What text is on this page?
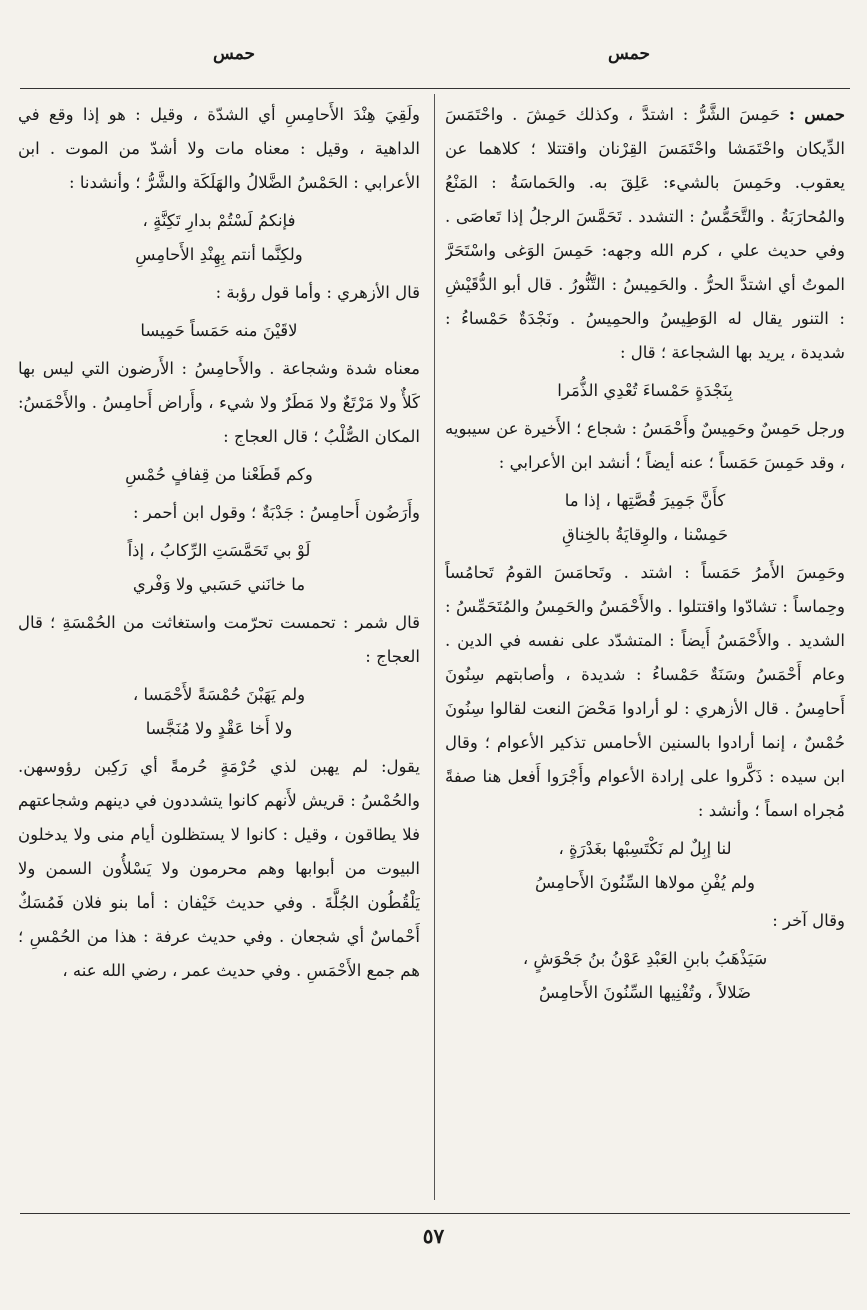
حمس
حمس

حمس : حَمِسَ الشَّرُّ : اشتدَّ ، وكذلك حَمِشَ . واحْتَمَسَ الدِّيكان واحْتَمَشا واحْتَمَسَ القِرْنان واقتتلا ؛ كلاهما عن يعقوب. وحَمِسَ بالشيء: عَلِقَ به. والحَماسَةُ : المَنْعُ والمُحارَبَةُ . والتَّحَمُّسُ : التشدد . تَحَمَّسَ الرجلُ إذا تَعاصَى . وفي حديث علي ، كرم الله وجهه: حَمِسَ الوَغى واسْتَحَرَّ الموتُ أي اشتدَّ الحرُّ . والحَمِيسُ : التَّنُّورُ . قال أبو الدُّقَيْشِ : التنور يقال له الوَطِيسُ والحمِيسُ . ونَجْدَةٌ حَمْساءُ : شديدة ، يريد بها الشجاعة ؛ قال :

بِنَجْدَةٍ حَمْساءَ تُعْدِي الذُّمَرا

ورجل حَمِسٌ وحَمِيسٌ وأَحْمَسُ : شجاع ؛ الأَخيرة عن سيبويه ، وقد حَمِسَ حَمَساً ؛ عنه أيضاً ؛ أنشد ابن الأعرابي :

كأَنَّ جَمِيرَ قُصَّتِها ، إذا ما
حَمِسْنا ، والوِقايَةُ بالخِناقِ

وحَمِسَ الأَمرُ حَمَساً : اشتد . وتَحامَسَ القومُ تَحامُساً وحِماساً : تشادّوا واقتتلوا . والأَحْمَسُ والحَمِسُ والمُتَحَمِّسُ : الشديد . والأَحْمَسُ أَيضاً : المتشدّد على نفسه في الدين . وعام أَحْمَسُ وسَنَةٌ حَمْساءُ : شديدة ، وأصابتهم سِنُونَ أَحامِسُ . قال الأزهري : لو أرادوا مَحْضَ النعت لقالوا سِنُونَ حُمْسٌ ، إنما أرادوا بالسنين الأحامس تذكير الأعوام ؛ وقال ابن سيده : ذَكَّروا على إرادة الأعوام وأَجْرَوا أَفعل هنا صفةً مُجراه اسماً ؛ وأنشد :

لنا إبِلٌ لم نَكْتَسِبْها بغَدْرَةٍ ،
ولم يُفْنِ مولاها السِّنُونَ الأَحامِسُ

وقال آخر :

سَيَذْهَبُ بابنِ العَبْدِ عَوْنُ بنُ جَحْوَشٍ ،
ضَلالاً ، وتُفْنِيها السِّنُونَ الأَحامِسُ

ولَقِيَ هِنْدَ الأَحامِسِ أي الشدّة ، وقيل : هو إذا وقع في الداهية ، وقيل : معناه مات ولا أشدّ من الموت . ابن الأعرابي : الحَمْسُ الضَّلالُ والهَلَكَة والشَّرُّ ؛ وأنشدنا :

فإنكمُ لَسْتُمْ بدارِ تَكِنَّةٍ ،
ولكِنَّما أنتم بِهِنْدِ الأَحامِسِ

قال الأزهري : وأما قول رؤبة :

لاقَيْنَ منه حَمَساً حَمِيسا

معناه شدة وشجاعة . والأَحامِسُ : الأَرضون التي ليس بها كَلأٌ ولا مَرْتَعٌ ولا مَطَرٌ ولا شيء ، وأَراض أَحامِسُ . والأَحْمَسُ: المكان الصُّلْبُ ؛ قال العجاج :

وكم قَطَعْنا من قِفافٍ حُمْسِ

وأَرَضُون أَحامِسُ : جَدْبَةٌ ؛ وقول ابن أحمر :

لَوْ بي تَحَمَّسَتِ الرِّكابُ ، إذاً
ما خانَني حَسَبي ولا وَفْري

قال شمر : تحمست تحرّمت واستغاثت من الحُمْسَةِ ؛ قال العجاج :

ولم يَهَبْنَ حُمْسَةً لأَحْمَسا ،
ولا أَخا عَقْدٍ ولا مُنَجَّسا

يقول: لم يهبن لذي حُرْمَةٍ حُرمةً أي رَكِبن رؤوسهن. والحُمْسُ : قريش لأَنهم كانوا يتشددون في دينهم وشجاعتهم فلا يطاقون ، وقيل : كانوا لا يستظلون أيام منى ولا يدخلون البيوت من أبوابها وهم محرمون ولا يَسْلأُون السمن ولا يَلْقُطُون الجُلَّةَ . وفي حديث خَيْفان : أما بنو فلان فَمُسَكٌ أَحْماسٌ أي شجعان . وفي حديث عرفة : هذا من الحُمْسِ ؛ هم جمع الأَحْمَسِ . وفي حديث عمر ، رضي الله عنه ،

٥٧
